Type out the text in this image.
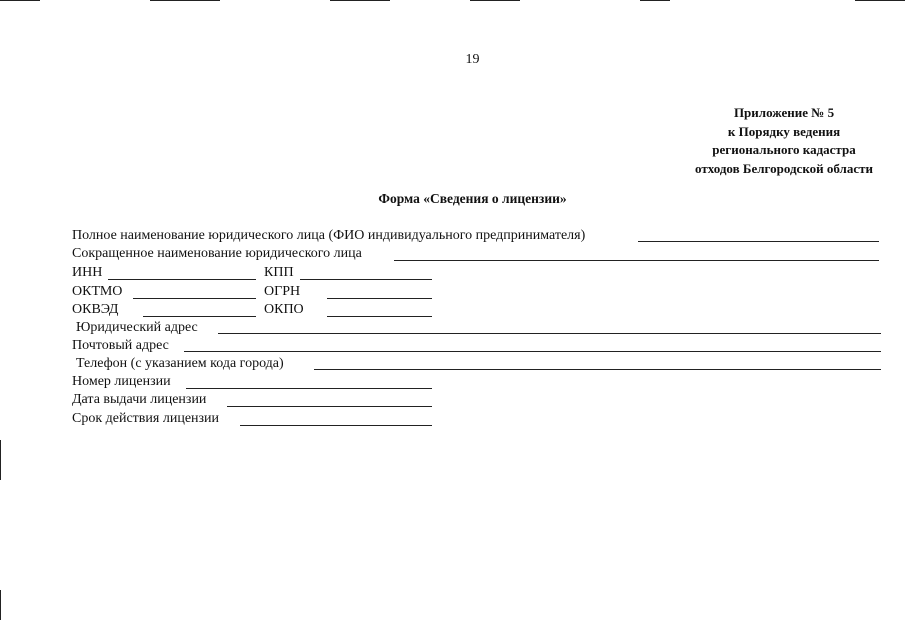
19
Приложение № 5
к Порядку ведения
регионального кадастра
отходов Белгородской области
Форма «Сведения о лицензии»
Полное наименование юридического лица (ФИО индивидуального предпринимателя)
Сокращенное наименование юридического лица
ИНН	КПП
ОКТМО	ОГРН
ОКВЭД	ОКПО
Юридический адрес
Почтовый адрес
Телефон (с указанием кода города)
Номер лицензии
Дата выдачи лицензии
Срок действия лицензии
